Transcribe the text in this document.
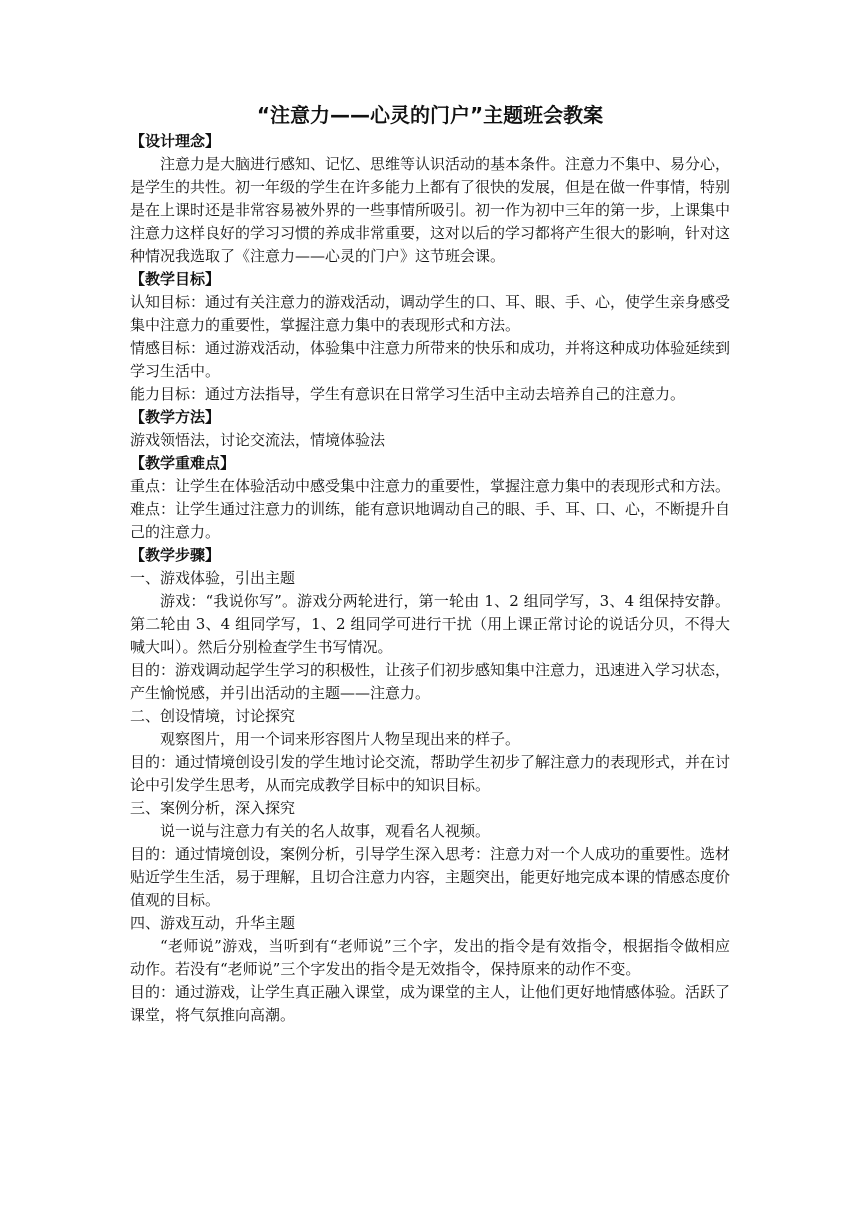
“注意力——心灵的门户”主题班会教案
【设计理念】

注意力是大脑进行感知、记忆、思维等认识活动的基本条件。注意力不集中、易分心，是学生的共性。初一年级的学生在许多能力上都有了很快的发展，但是在做一件事情，特别是在上课时还是非常容易被外界的一些事情所吸引。初一作为初中三年的第一步，上课集中注意力这样良好的学习习惯的养成非常重要，这对以后的学习都将产生很大的影响，针对这种情况我选取了《注意力——心灵的门户》这节班会课。

【教学目标】

认知目标：通过有关注意力的游戏活动，调动学生的口、耳、眼、手、心，使学生亲身感受集中注意力的重要性，掌握注意力集中的表现形式和方法。

情感目标：通过游戏活动，体验集中注意力所带来的快乐和成功，并将这种成功体验延续到学习生活中。

能力目标：通过方法指导，学生有意识在日常学习生活中主动去培养自己的注意力。

【教学方法】

游戏领悟法，讨论交流法，情境体验法

【教学重难点】

重点：让学生在体验活动中感受集中注意力的重要性，掌握注意力集中的表现形式和方法。

难点：让学生通过注意力的训练，能有意识地调动自己的眼、手、耳、口、心，不断提升自己的注意力。

【教学步骤】

一、游戏体验，引出主题

游戏：“我说你写”。游戏分两轮进行，第一轮由 1、2 组同学写，3、4 组保持安静。第二轮由 3、4 组同学写，1、2 组同学可进行干扰（用上课正常讨论的说话分贝，不得大喊大叫）。然后分别检查学生书写情况。

目的：游戏调动起学生学习的积极性，让孩子们初步感知集中注意力，迅速进入学习状态，产生愉悦感，并引出活动的主题——注意力。

二、创设情境，讨论探究

观察图片，用一个词来形容图片人物呈现出来的样子。

目的：通过情境创设引发的学生地讨论交流，帮助学生初步了解注意力的表现形式，并在讨论中引发学生思考，从而完成教学目标中的知识目标。

三、案例分析，深入探究

说一说与注意力有关的名人故事，观看名人视频。

目的：通过情境创设，案例分析，引导学生深入思考：注意力对一个人成功的重要性。选材贴近学生生活，易于理解，且切合注意力内容，主题突出，能更好地完成本课的情感态度价值观的目标。

四、游戏互动，升华主题

“老师说”游戏，当听到有“老师说”三个字，发出的指令是有效指令，根据指令做相应动作。若没有“老师说”三个字发出的指令是无效指令，保持原来的动作不变。

目的：通过游戏，让学生真正融入课堂，成为课堂的主人，让他们更好地情感体验。活跃了课堂，将气氛推向高潮。
